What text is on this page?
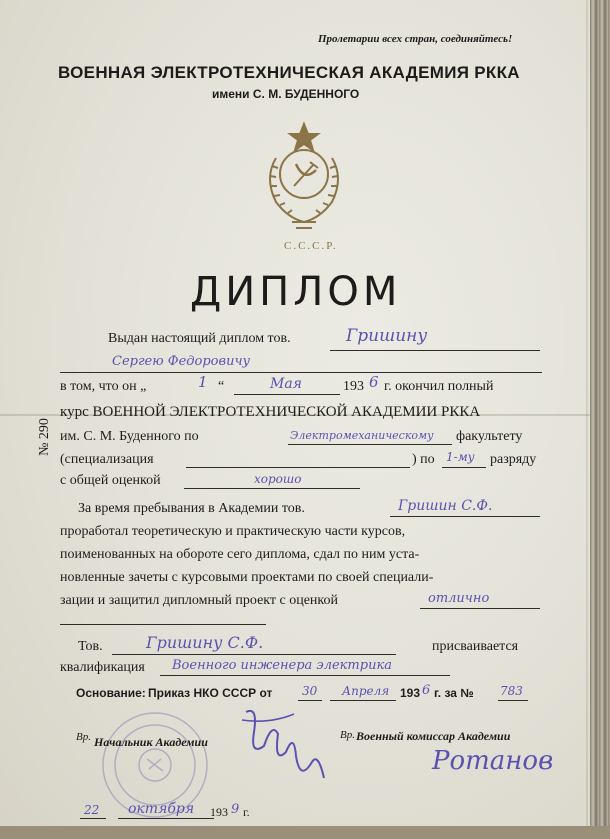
Пролетарии всех стран, соединяйтесь!
ВОЕННАЯ ЭЛЕКТРОТЕХНИЧЕСКАЯ АКАДЕМИЯ РККА
имени С. М. БУДЕННОГО
С.С.С.Р.
ДИПЛОМ
№ 290
Выдан настоящий диплом тов.	Гришину
Сергею Федоровичу
в том, что он „	1 “	Мая	193 6 г. окончил полный
курс ВОЕННОЙ ЭЛЕКТРОТЕХНИЧЕСКОЙ АКАДЕМИИ РККА
им. С. М. Буденного по	Электромеханическому факультету
(специализация	) по 1-му разряду
с общей оценкой	хорошо
За время пребывания в Академии тов.	Гришин С.Ф.
проработал теоретическую и практическую части курсов,
поименованных на обороте сего диплома, сдал по ним уста-
новленные зачеты с курсовыми проектами по своей специали-
зации и защитил дипломный проект с оценкой	отлично
Тов.	Гришину С.Ф.	присваивается
квалификация Военного инженера электрика
Основание: Приказ НКО СССР от 30 Апреля 193 6 г. за № 783
Вр. Начальник Академии	Вр. Военный комиссар Академии
Ротанов
22 октября 193 9 г.
